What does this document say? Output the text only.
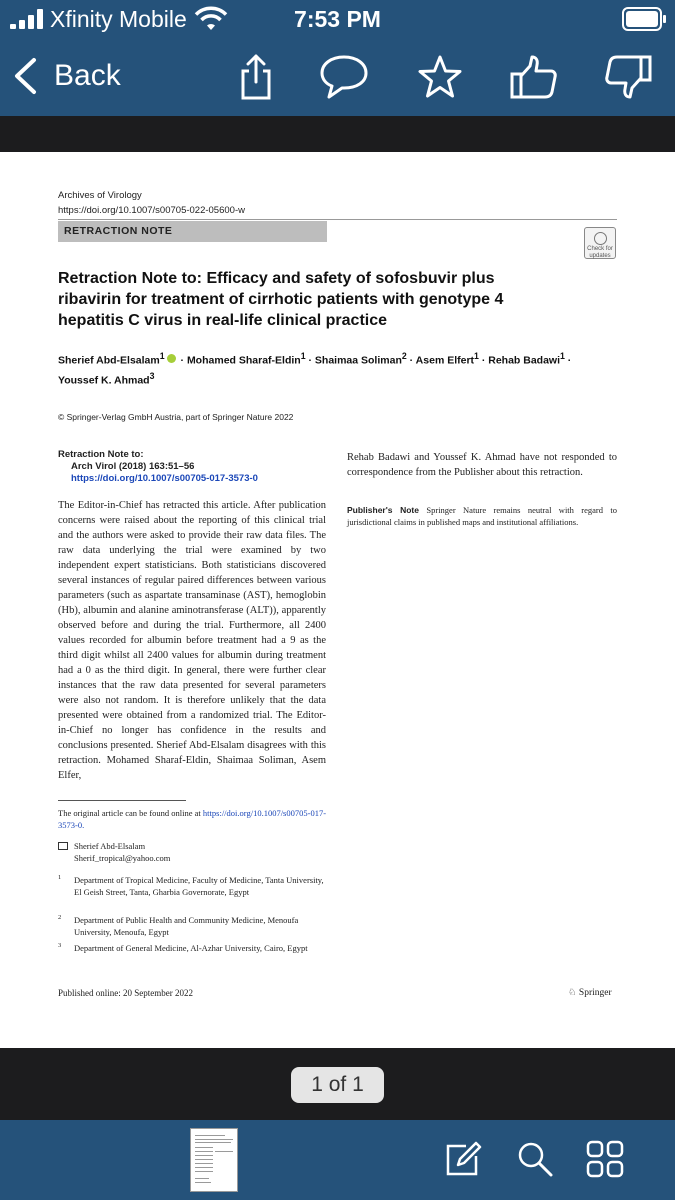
Xfinity Mobile	7:53 PM
Back
Archives of Virology
https://doi.org/10.1007/s00705-022-05600-w
RETRACTION NOTE
Check for
updates
Retraction Note to: Efficacy and safety of sofosbuvir plus ribavirin for treatment of cirrhotic patients with genotype 4 hepatitis C virus in real-life clinical practice
Sherief Abd-Elsalam$^1$ · Mohamed Sharaf-Eldin$^1$ · Shaimaa Soliman$^2$ · Asem Elfert$^1$ · Rehab Badawi$^1$ ·
Youssef K. Ahmad$^3$
© Springer-Verlag GmbH Austria, part of Springer Nature 2022
Retraction Note to:
Arch Virol (2018) 163:51–56
https://doi.org/10.1007/s00705-017-3573-0
The Editor-in-Chief has retracted this article. After publication concerns were raised about the reporting of this clinical trial and the authors were asked to provide their raw data files. The raw data underlying the trial were examined by two independent expert statisticians. Both statisticians discovered several instances of regular paired differences between various parameters (such as aspartate transaminase (AST), hemoglobin (Hb), albumin and alanine aminotransferase (ALT)), apparently observed before and during the trial. Furthermore, all 2400 values recorded for albumin before treatment had a 9 as the third digit whilst all 2400 values for albumin during treatment had a 0 as the third digit. In general, there were further clear instances that the raw data presented for several parameters were also not random. It is therefore unlikely that the data presented were obtained from a randomized trial. The Editor-in-Chief no longer has confidence in the results and conclusions presented. Sherief Abd-Elsalam disagrees with this retraction. Mohamed Sharaf-Eldin, Shaimaa Soliman, Asem Elfer,
Rehab Badawi and Youssef K. Ahmad have not responded to correspondence from the Publisher about this retraction.
Publisher's Note Springer Nature remains neutral with regard to jurisdictional claims in published maps and institutional affiliations.
The original article can be found online at https://doi.org/10.1007/s00705-017-3573-0.
Sherief Abd-Elsalam
Sherif_tropical@yahoo.com
1	Department of Tropical Medicine, Faculty of Medicine, Tanta University, El Geish Street, Tanta, Gharbia Governorate, Egypt
2	Department of Public Health and Community Medicine, Menoufa University, Menoufa, Egypt
3	Department of General Medicine, Al-Azhar University, Cairo, Egypt
Published online: 20 September 2022	♘ Springer
1 of 1
